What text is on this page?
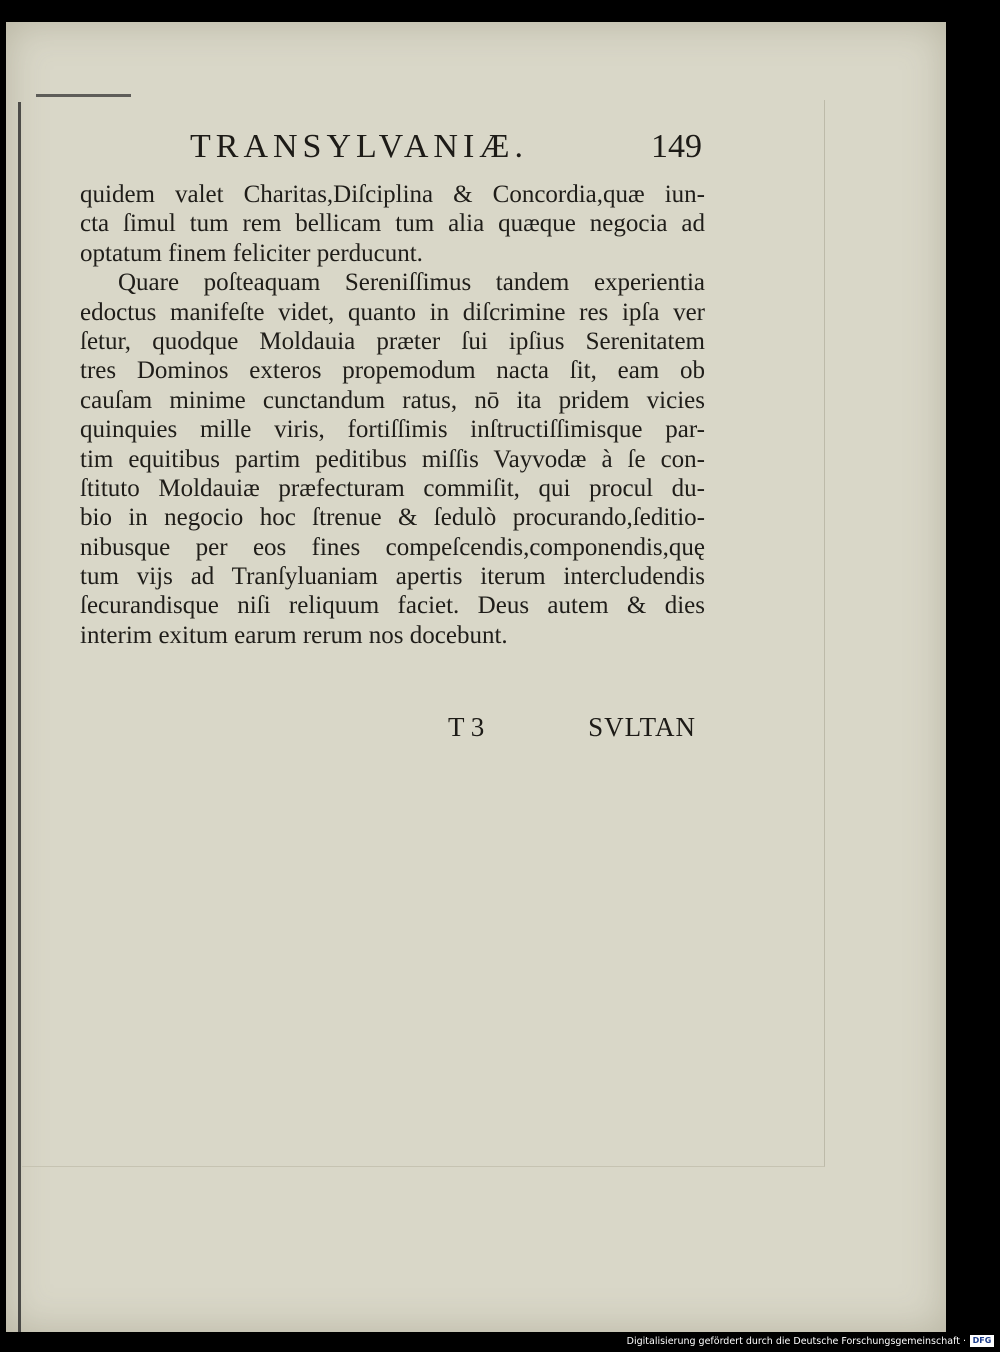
TRANSYLVANIÆ.	149
quidem valet Charitas,Diſciplina & Concordia,quæ iun-
cta ſimul tum rem bellicam tum alia quæque negocia ad
optatum finem feliciter perducunt.
Quare poſteaquam Sereniſſimus tandem experientia
edoctus manifeſte videt, quanto in diſcrimine res ipſa ver
ſetur, quodque Moldauia præter ſui ipſius Serenitatem
tres Dominos exteros propemodum nacta ſit, eam ob
cauſam minime cunctandum ratus, nō ita pridem vicies
quinquies mille viris, fortiſſimis inſtructiſſimisque par-
tim equitibus partim peditibus miſſis Vayvodæ à ſe con-
ſtituto Moldauiæ præfecturam commiſit, qui procul du-
bio in negocio hoc ſtrenue & ſedulò procurando,ſeditio-
nibusque per eos fines compeſcendis,componendis,quę
tum vijs ad Tranſyluaniam apertis iterum intercludendis
ſecurandisque niſi reliquum faciet. Deus autem & dies
interim exitum earum rerum nos docebunt.
T 3	SVLTAN
Digitalisierung gefördert durch die Deutsche Forschungsgemeinschaft · DFG
